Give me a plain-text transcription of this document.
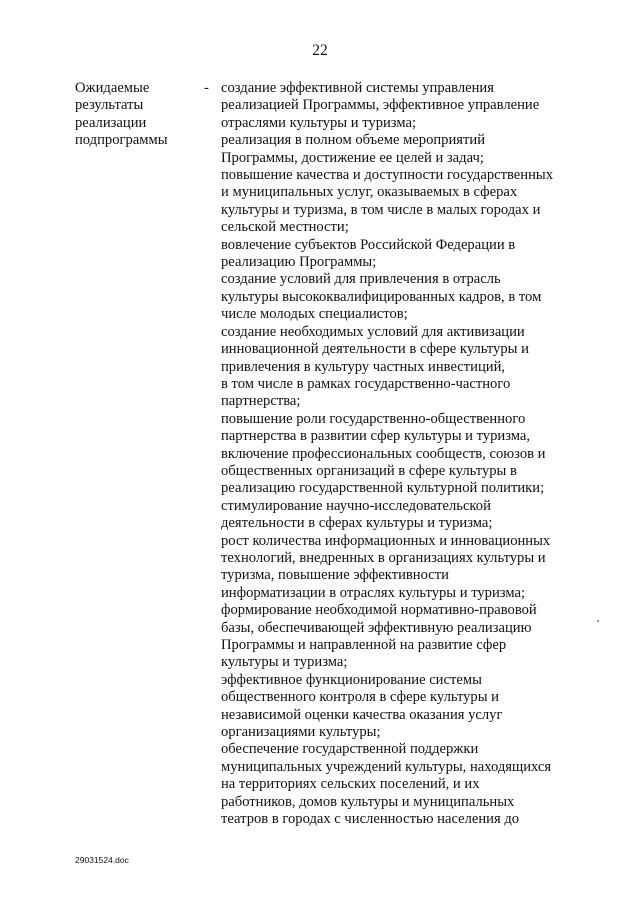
22
Ожидаемые
результаты
реализации
подпрограммы
- создание эффективной системы управления
реализацией Программы, эффективное управление
отраслями культуры и туризма;
реализация в полном объеме мероприятий
Программы, достижение ее целей и задач;
повышение качества и доступности государственных
и муниципальных услуг, оказываемых в сферах
культуры и туризма, в том числе в малых городах и
сельской местности;
вовлечение субъектов Российской Федерации в
реализацию Программы;
создание условий для привлечения в отрасль
культуры высококвалифицированных кадров, в том
числе молодых специалистов;
создание необходимых условий для активизации
инновационной деятельности в сфере культуры и
привлечения в культуру частных инвестиций,
в том числе в рамках государственно-частного
партнерства;
повышение роли государственно-общественного
партнерства в развитии сфер культуры и туризма,
включение профессиональных сообществ, союзов и
общественных организаций в сфере культуры в
реализацию государственной культурной политики;
стимулирование научно-исследовательской
деятельности в сферах культуры и туризма;
рост количества информационных и инновационных
технологий, внедренных в организациях культуры и
туризма, повышение эффективности
информатизации в отраслях культуры и туризма;
формирование необходимой нормативно-правовой
базы, обеспечивающей эффективную реализацию
Программы и направленной на развитие сфер
культуры и туризма;
эффективное функционирование системы
общественного контроля в сфере культуры и
независимой оценки качества оказания услуг
организациями культуры;
обеспечение государственной поддержки
муниципальных учреждений культуры, находящихся
на территориях сельских поселений, и их
работников, домов культуры и муниципальных
театров в городах с численностью населения до
29031524.doc
